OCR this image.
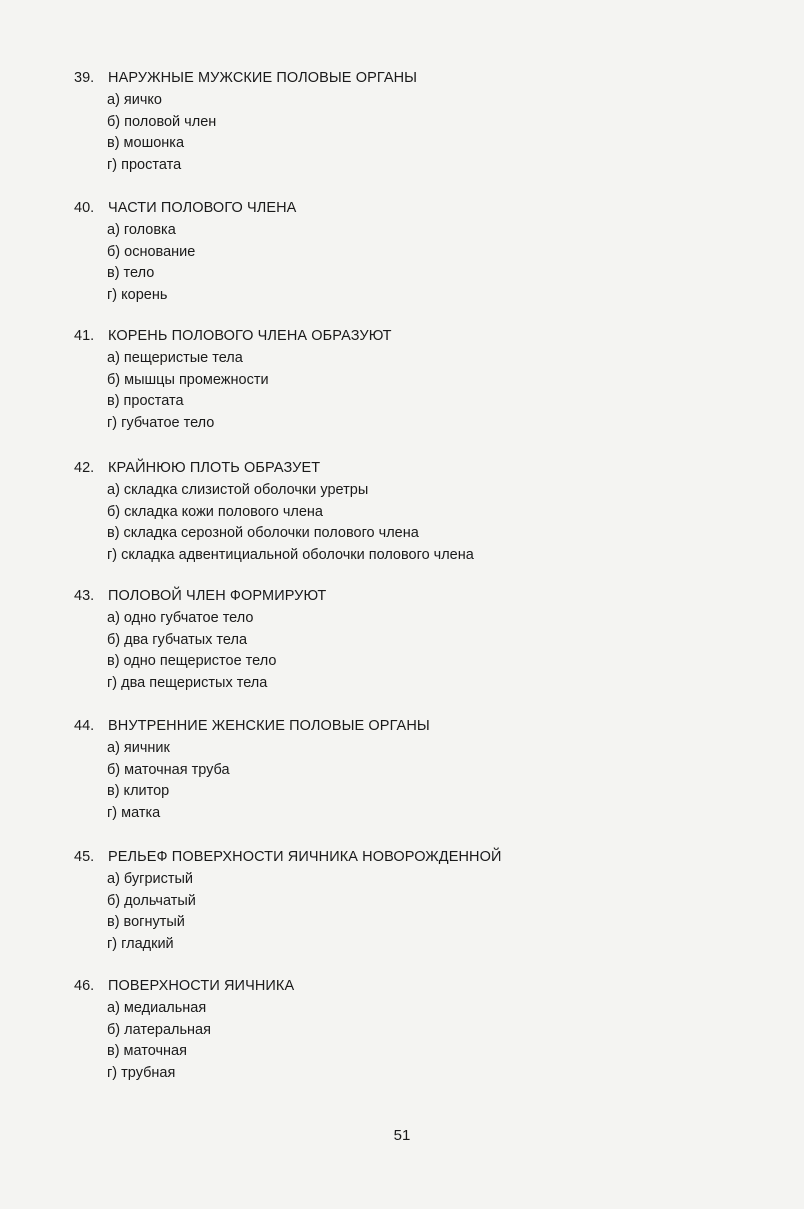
39. НАРУЖНЫЕ МУЖСКИЕ ПОЛОВЫЕ ОРГАНЫ
а) яичко
б) половой член
в) мошонка
г) простата
40. ЧАСТИ ПОЛОВОГО ЧЛЕНА
а) головка
б) основание
в) тело
г) корень
41. КОРЕНЬ ПОЛОВОГО ЧЛЕНА ОБРАЗУЮТ
а) пещеристые тела
б) мышцы промежности
в) простата
г) губчатое тело
42. КРАЙНЮЮ ПЛОТЬ ОБРАЗУЕТ
а) складка слизистой оболочки уретры
б) складка кожи полового члена
в) складка серозной оболочки полового члена
г) складка адвентициальной оболочки полового члена
43. ПОЛОВОЙ ЧЛЕН ФОРМИРУЮТ
а) одно губчатое тело
б) два губчатых тела
в) одно пещеристое тело
г) два пещеристых тела
44. ВНУТРЕННИЕ ЖЕНСКИЕ ПОЛОВЫЕ ОРГАНЫ
а) яичник
б) маточная труба
в) клитор
г) матка
45. РЕЛЬЕФ ПОВЕРХНОСТИ ЯИЧНИКА НОВОРОЖДЕННОЙ
а) бугристый
б) дольчатый
в) вогнутый
г) гладкий
46. ПОВЕРХНОСТИ ЯИЧНИКА
а) медиальная
б) латеральная
в) маточная
г) трубная
51
